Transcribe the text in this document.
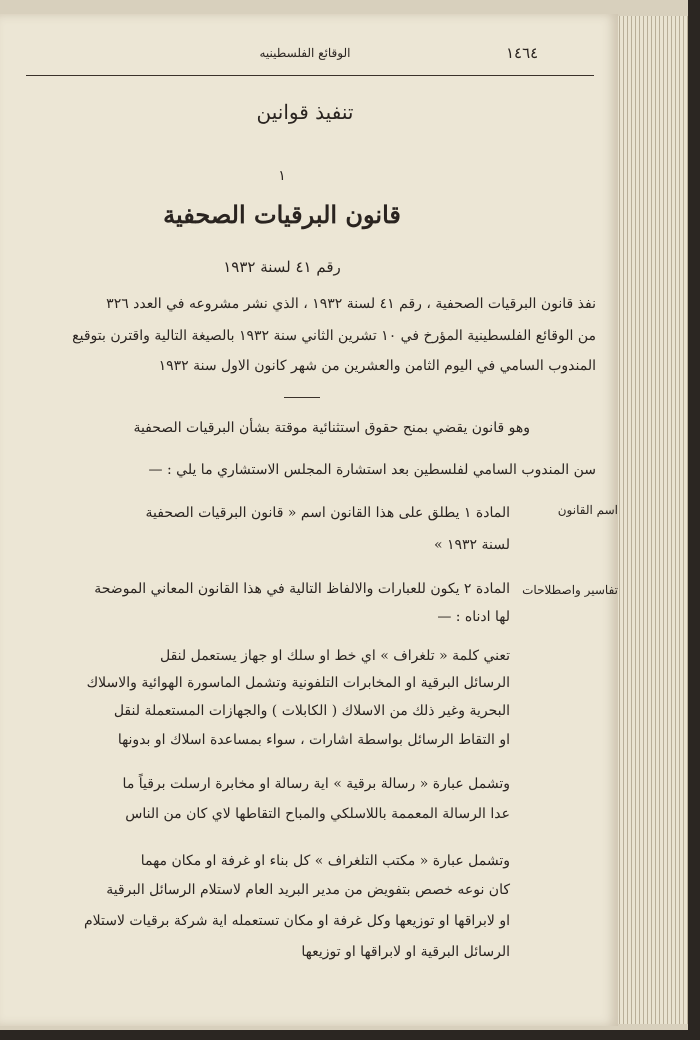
١٤٦٤
الوقائع الفلسطينيه
تنفيذ قوانين
١
قانون البرقيات الصحفية
رقم ٤١ لسنة ١٩٣٢
نفذ قانون البرقيات الصحفية ، رقم ٤١ لسنة ١٩٣٢ ، الذي نشر مشروعه في العدد ٣٢٦
من الوقائع الفلسطينية المؤرخ في ١٠ تشرين الثاني سنة ١٩٣٢ بالصيغة التالية واقترن بتوقيع
المندوب السامي في اليوم الثامن والعشرين من شهر كانون الاول سنة ١٩٣٢
وهو قانون يقضي بمنح حقوق استثنائية موقتة بشأن البرقيات الصحفية
سن المندوب السامي لفلسطين بعد استشارة المجلس الاستشاري ما يلي : —
اسم القانون
المادة ١ يطلق على هذا القانون اسم « قانون البرقيات الصحفية
لسنة ١٩٣٢ »
تفاسير واصطلاحات
المادة ٢ يكون للعبارات والالفاظ التالية في هذا القانون المعاني الموضحة
لها ادناه : —
تعني كلمة « تلغراف » اي خط او سلك او جهاز يستعمل لنقل
الرسائل البرقية او المخابرات التلفونية وتشمل الماسورة الهوائية والاسلاك
البحرية وغير ذلك من الاسلاك ( الكابلات ) والجهازات المستعملة لنقل
او التقاط الرسائل بواسطة اشارات ، سواء بمساعدة اسلاك او بدونها
وتشمل عبارة « رسالة برقية » اية رسالة او مخابرة ارسلت برقياً ما
عدا الرسالة المعممة باللاسلكي والمباح التقاطها لاي كان من الناس
وتشمل عبارة « مكتب التلغراف » كل بناء او غرفة او مكان مهما
كان نوعه خصص بتفويض من مدير البريد العام لاستلام الرسائل البرقية
او لابراقها او توزيعها وكل غرفة او مكان تستعمله اية شركة برقيات لاستلام
الرسائل البرقية او لابراقها او توزيعها
